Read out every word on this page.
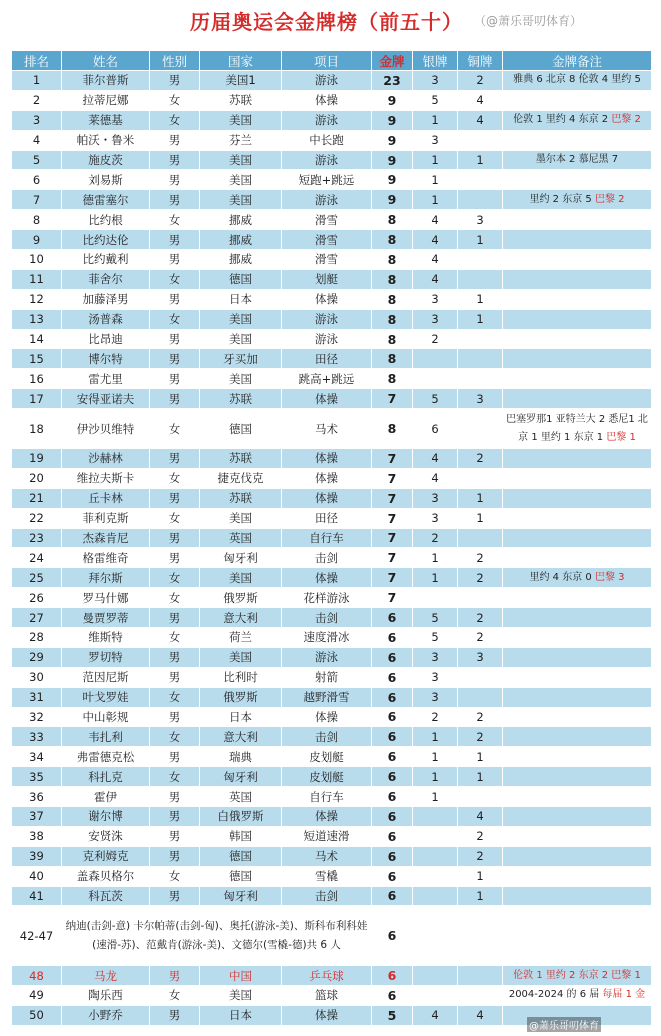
历届奥运会金牌榜（前五十） （@萧乐哥叨体育）
排名	姓名	性别	国家	项目	金牌	银牌	铜牌	金牌备注
1	菲尔普斯	男	美国1	游泳	23	3	2	雅典 6 北京 8 伦敦 4 里约 5
2	拉蒂尼娜	女	苏联	体操	9	5	4	
3	莱德基	女	美国	游泳	9	1	4	伦敦 1 里约 4 东京 2 巴黎 2
4	帕沃・鲁米	男	芬兰	中长跑	9	3		
5	施皮茨	男	美国	游泳	9	1	1	墨尔本 2 慕尼黑 7
6	刘易斯	男	美国	短跑+跳远	9	1		
7	德雷塞尔	男	美国	游泳	9	1		里约 2 东京 5 巴黎 2
8	比约根	女	挪威	滑雪	8	4	3	
9	比约达伦	男	挪威	滑雪	8	4	1	
10	比约戴利	男	挪威	滑雪	8	4		
11	菲舍尔	女	德国	划艇	8	4		
12	加藤泽男	男	日本	体操	8	3	1	
13	汤普森	女	美国	游泳	8	3	1	
14	比昂迪	男	美国	游泳	8	2		
15	博尔特	男	牙买加	田径	8			
16	雷尤里	男	美国	跳高+跳远	8			
17	安得亚诺夫	男	苏联	体操	7	5	3	
18	伊沙贝维特	女	德国	马术	8	6		巴塞罗那1 亚特兰大 2 悉尼1 北京 1 里约 1 东京 1 巴黎 1
19	沙赫林	男	苏联	体操	7	4	2	
20	维拉夫斯卡	女	捷克伐克	体操	7	4		
21	丘卡林	男	苏联	体操	7	3	1	
22	菲利克斯	女	美国	田径	7	3	1	
23	杰森肯尼	男	英国	自行车	7	2		
24	格雷维奇	男	匈牙利	击剑	7	1	2	
25	拜尔斯	女	美国	体操	7	1	2	里约 4 东京 0 巴黎 3
26	罗马什娜	女	俄罗斯	花样游泳	7			
27	曼贾罗蒂	男	意大利	击剑	6	5	2	
28	维斯特	女	荷兰	速度滑冰	6	5	2	
29	罗切特	男	美国	游泳	6	3	3	
30	范因尼斯	男	比利时	射箭	6	3		
31	叶戈罗娃	女	俄罗斯	越野滑雪	6	3		
32	中山彰规	男	日本	体操	6	2	2	
33	韦扎利	女	意大利	击剑	6	1	2	
34	弗雷德克松	男	瑞典	皮划艇	6	1	1	
35	科扎克	女	匈牙利	皮划艇	6	1	1	
36	霍伊	男	英国	自行车	6	1		
37	谢尔博	男	白俄罗斯	体操	6		4	
38	安贤洙	男	韩国	短道速滑	6		2	
39	克利姆克	男	德国	马术	6		2	
40	盖森贝格尔	女	德国	雪橇	6		1	
41	科瓦茨	男	匈牙利	击剑	6		1	
42-47	纳迪(击剑-意) 卡尔帕蒂(击剑-匈)、奥托(游泳-美)、斯科布利科娃(速滑-苏)、范戴肯(游泳-美)、文德尔(雪橇-德)共 6 人				6			
48	马龙	男	中国	乒乓球	6			伦敦 1 里约 2 东京 2 巴黎 1
49	陶乐西	女	美国	篮球	6			2004-2024 的 6 届 每届 1 金
50	小野乔	男	日本	体操	5	4	4	
@萧乐哥叨体育
